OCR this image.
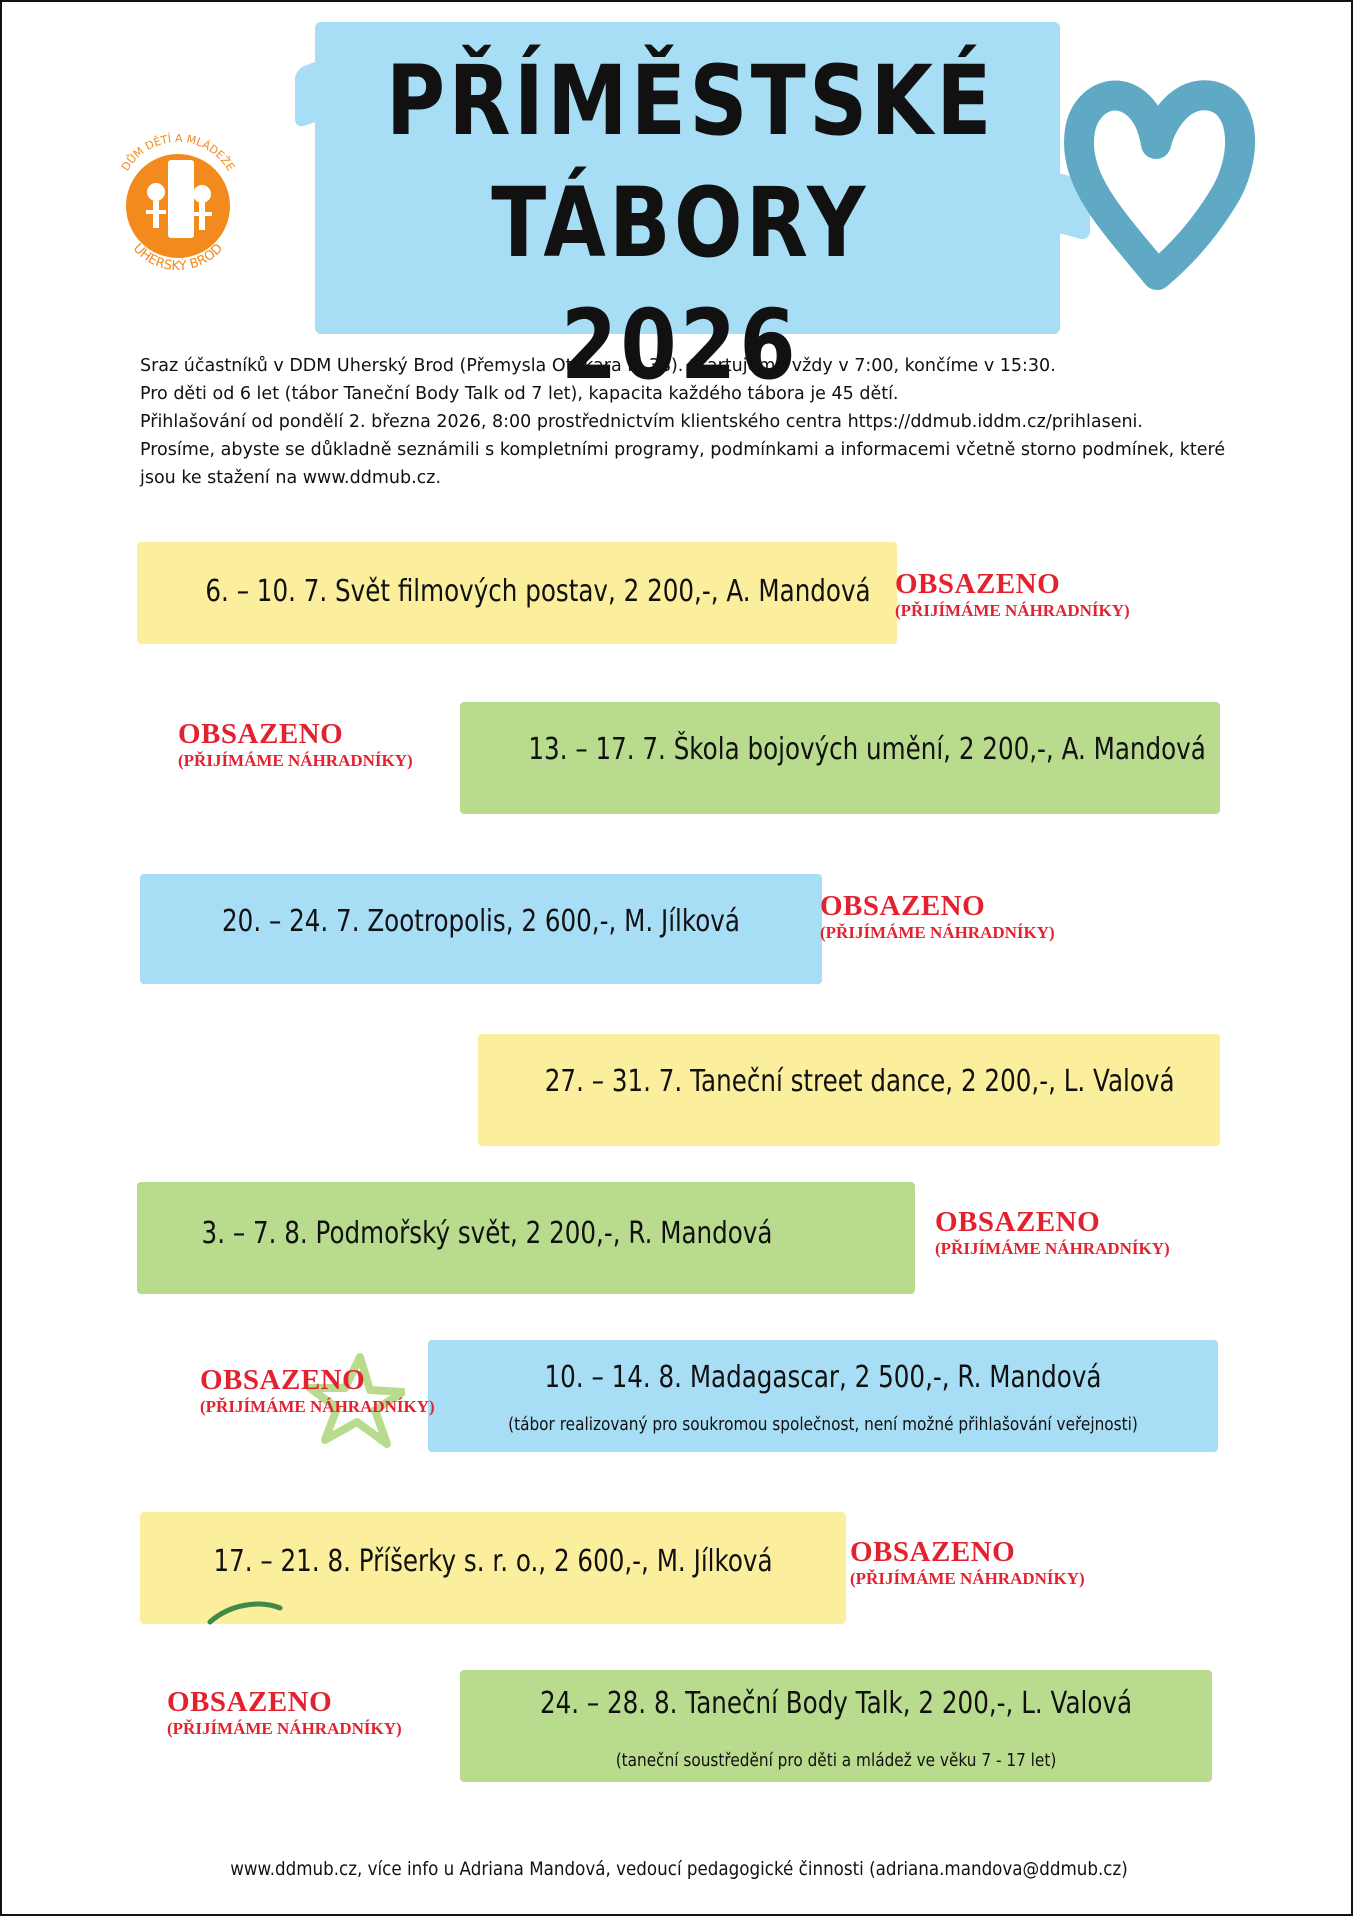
PŘÍMĚSTSKÉ
TÁBORY 2026
DŮM DĚTÍ A MLÁDEŽE
UHERSKÝ BROD

Sraz účastníků v DDM Uherský Brod (Přemysla Otakara II. 38). Startujeme vždy v 7:00, končíme v 15:30.

Pro děti od 6 let (tábor Taneční Body Talk od 7 let), kapacita každého tábora je 45 dětí.

Přihlašování od pondělí 2. března 2026, 8:00 prostřednictvím klientského centra https://ddmub.iddm.cz/prihlaseni.

Prosíme, abyste se důkladně seznámili s kompletními programy, podmínkami a informacemi včetně storno podmínek, které jsou ke stažení na www.ddmub.cz.

6. – 10. 7. Svět filmových postav, 2 200,-, A. Mandová OBSAZENO
(PŘIJÍMÁME NÁHRADNÍKY)
13. – 17. 7. Škola bojových umění, 2 200,-, A. Mandová
OBSAZENO
(PŘIJÍMÁME NÁHRADNÍKY)
20. – 24. 7. Zootropolis, 2 600,-, M. Jílková	OBSAZENO
(PŘIJÍMÁME NÁHRADNÍKY)
27. – 31. 7. Taneční street dance, 2 200,-, L. Valová
3. – 7. 8. Podmořský svět, 2 200,-, R. Mandová	OBSAZENO
(PŘIJÍMÁME NÁHRADNÍKY)
10. – 14. 8. Madagascar, 2 500,-, R. Mandová
(tábor realizovaný pro soukromou společnost, není možné přihlašování veřejnosti)
OBSAZENO
(PŘIJÍMÁME NÁHRADNÍKY)
17. – 21. 8. Příšerky s. r. o., 2 600,-, M. Jílková	OBSAZENO
(PŘIJÍMÁME NÁHRADNÍKY)
24. – 28. 8. Taneční Body Talk, 2 200,-, L. Valová
(taneční soustředění pro děti a mládež ve věku 7 - 17 let)
OBSAZENO
(PŘIJÍMÁME NÁHRADNÍKY)
www.ddmub.cz, více info u Adriana Mandová, vedoucí pedagogické činnosti (adriana.mandova@ddmub.cz)
